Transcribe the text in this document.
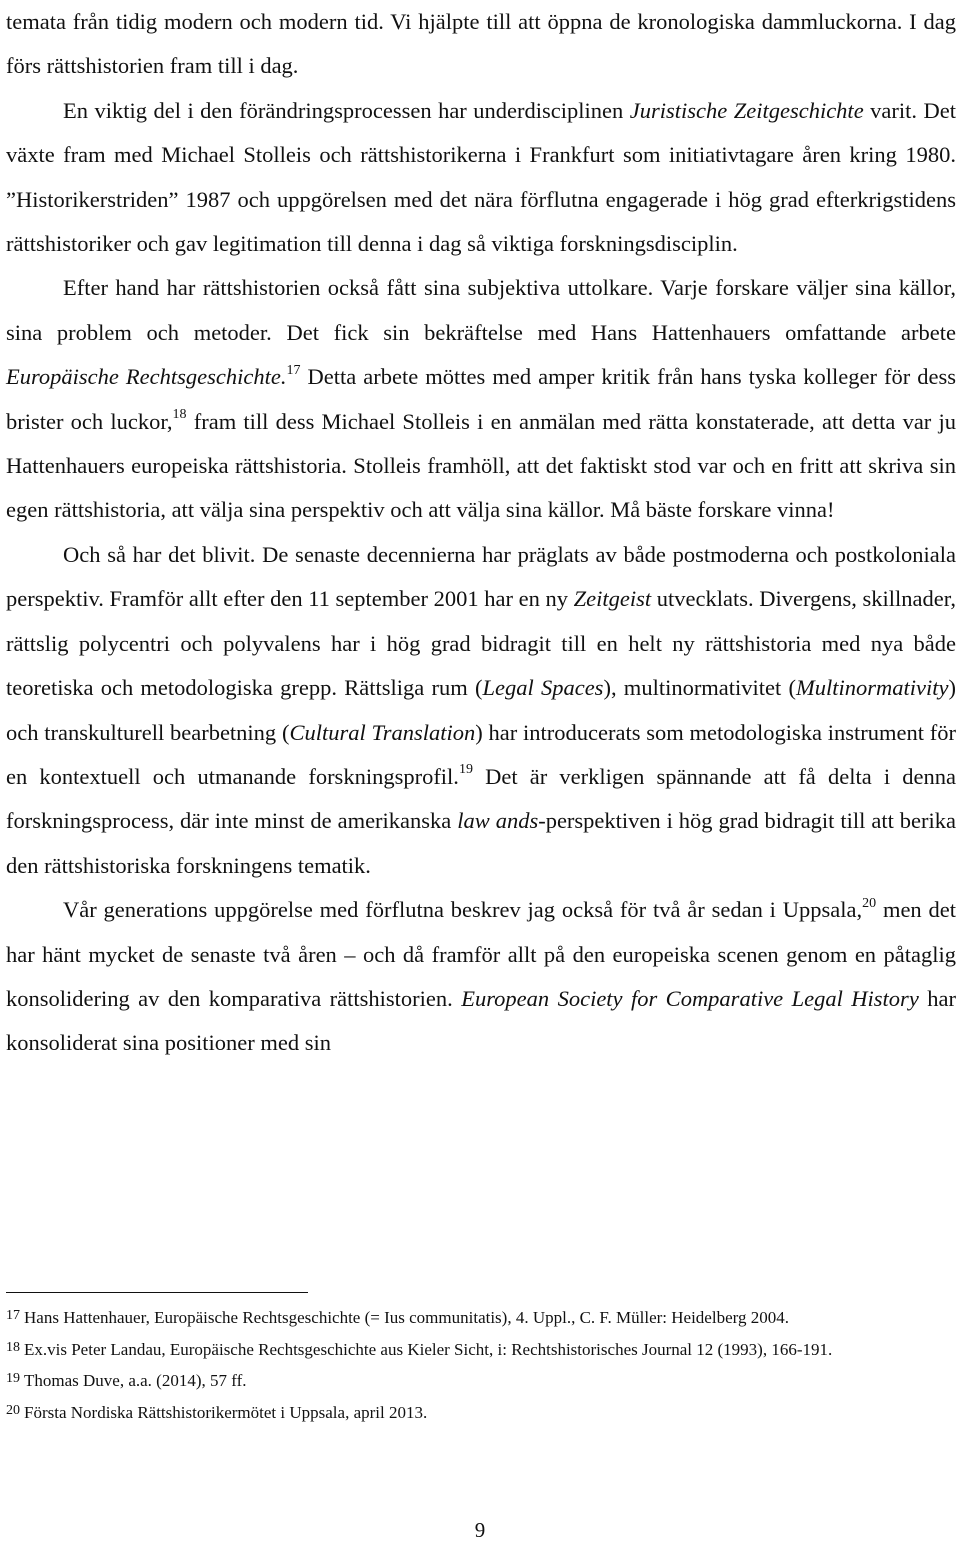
temata från tidig modern och modern tid. Vi hjälpte till att öppna de kronologiska dammluckorna. I dag förs rättshistorien fram till i dag.

En viktig del i den förändringsprocessen har underdisciplinen Juristische Zeitgeschichte varit. Det växte fram med Michael Stolleis och rättshistorikerna i Frankfurt som initiativtagare åren kring 1980. ”Historikerstriden” 1987 och uppgörelsen med det nära förflutna engagerade i hög grad efterkrigstidens rättshistoriker och gav legitimation till denna i dag så viktiga forskningsdisciplin.

Efter hand har rättshistorien också fått sina subjektiva uttolkare. Varje forskare väljer sina källor, sina problem och metoder. Det fick sin bekräftelse med Hans Hattenhauers omfattande arbete Europäische Rechtsgeschichte.$^{17}$ Detta arbete möttes med amper kritik från hans tyska kolleger för dess brister och luckor,$^{18}$ fram till dess Michael Stolleis i en anmälan med rätta konstaterade, att detta var ju Hattenhauers europeiska rättshistoria. Stolleis framhöll, att det faktiskt stod var och en fritt att skriva sin egen rättshistoria, att välja sina perspektiv och att välja sina källor. Må bäste forskare vinna!

Och så har det blivit. De senaste decennierna har präglats av både postmoderna och postkoloniala perspektiv. Framför allt efter den 11 september 2001 har en ny Zeitgeist utvecklats. Divergens, skillnader, rättslig polycentri och polyvalens har i hög grad bidragit till en helt ny rättshistoria med nya både teoretiska och metodologiska grepp. Rättsliga rum (Legal Spaces), multinormativitet (Multinormativity) och transkulturell bearbetning (Cultural Translation) har introducerats som metodologiska instrument för en kontextuell och utmanande forskningsprofil.$^{19}$ Det är verkligen spännande att få delta i denna forskningsprocess, där inte minst de amerikanska law ands-perspektiven i hög grad bidragit till att berika den rättshistoriska forskningens tematik.

Vår generations uppgörelse med förflutna beskrev jag också för två år sedan i Uppsala,$^{20}$ men det har hänt mycket de senaste två åren – och då framför allt på den europeiska scenen genom en påtaglig konsolidering av den komparativa rättshistorien. European Society for Comparative Legal History har konsoliderat sina positioner med sin

$^{17}$ Hans Hattenhauer, Europäische Rechtsgeschichte (= Ius communitatis), 4. Uppl., C. F. Müller: Heidelberg 2004.

$^{18}$ Ex.vis Peter Landau, Europäische Rechtsgeschichte aus Kieler Sicht, i: Rechtshistorisches Journal 12 (1993), 166-191.

$^{19}$ Thomas Duve, a.a. (2014), 57 ff.

$^{20}$ Första Nordiska Rättshistorikermötet i Uppsala, april 2013.

9
